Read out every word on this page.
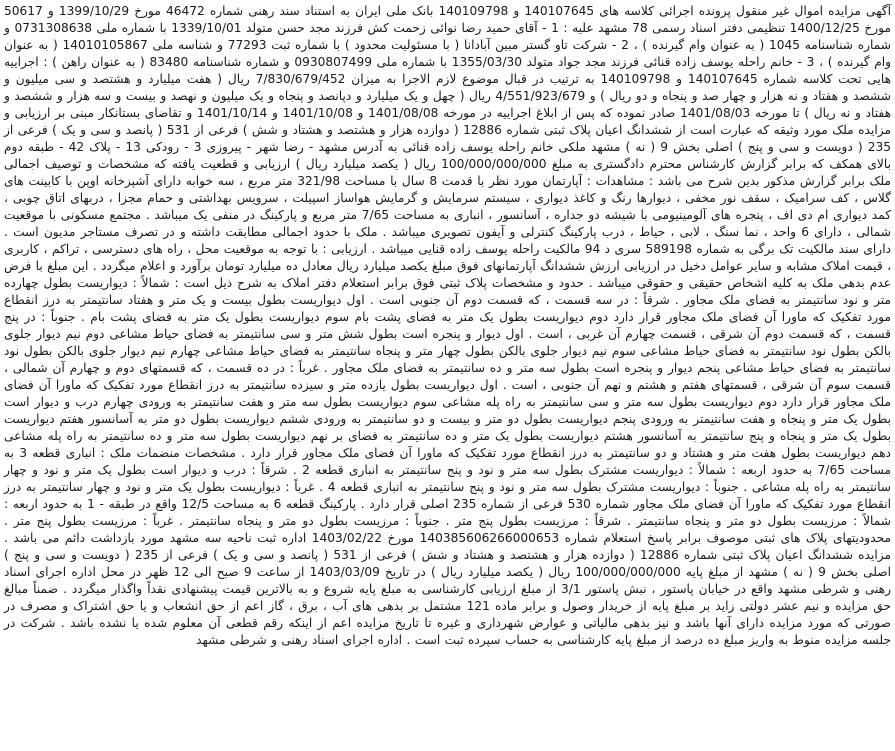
آگهی مزایده اموال غیر منقول پرونده اجرائی کلاسه های 140107645 و 140109798 بانک ملی ایران به استناد سند رهنی شماره 46472 مورخ 1399/10/29 و 50617 مورخ 1400/12/25 تنظیمی دفتر اسناد رسمی 78 مشهد علیه : 1 - آقای حمید رضا نوائی زحمت کش فرزند مجد حسن متولد 1339/10/01 با شماره ملی 0731308638 و شماره شناسنامه 1045 ( به عنوان وام گیرنده ) ، 2 - شرکت تاو گستر مبین آبادانا ( با مسئولیت محدود ) با شماره ثبت 77293 و شناسه ملی 14010105867 ( به عنوان وام گیرنده ) ، 3 - خانم راحله یوسف زاده قنائی فرزند مجد جواد متولد 1355/03/30 با شماره ملی 0930807499 و شماره شناسنامه 83480 ( به عنوان راهن ) : اجراییه هایی تحت کلاسه شماره 140107645 و 140109798 به ترتیب در قبال موضوع لازم الاجرا به میزان 7/830/679/452 ریال ( هفت میلیارد و هشتصد و سی میلیون و ششصد و هفتاد و نه هزار و چهار صد و پنجاه و دو ریال ) و 4/551/923/679 ریال ( چهل و یک میلیارد و دپانصد و پنجاه و یک میلیون و نهصد و بیست و سه هزار و ششصد و هفتاد و نه ریال ) تا مورخه 1401/08/03 صادر نموده که پس از ابلاغ اجراییه در مورخه 1401/08/08 و 1401/10/08 و 1401/10/14 و تقاضای بستانکار مبنی بر ارزیابی و مزایده ملک مورد وثیقه که عبارت است از ششدانگ اعیان پلاک ثبتی شماره 12886 ( دوازده هزار و هشتصد و هشتاد و شش ) فرعی از 531 ( پانصد و سی و یک ) فرعی از 235 ( دویست و سی و پنج ) اصلی بخش 9 ( نه ) مشهد ملکی خانم راحله یوسف زاده قنائی به آدرس مشهد - رضا شهر - پیروزی 3 - رودکی 13 - پلاک 42 - طبقه دوم بالای همکف که برابر گزارش کارشناس محترم دادگستری به مبلغ 100/000/000/000 ریال ( یکصد میلیارد ریال ) ارزیابی و قطعیت یافته که مشخصات و توصیف اجمالی ملک برابر گزارش مذکور بدین شرح می باشد : مشاهدات : آپارتمان مورد نظر با قدمت 8 سال با مساحت 321/98 متر مربع ، سه خوابه دارای آشپزخانه اوپن با کابینت های گلاس ، کف سرامیک ، سقف نور مخفی ، دیوارها رنگ و کاغذ دیواری ، سیستم سرمایش و گرمایش هواساز اسپیلت ، سرویس بهداشتی و حمام مجزا ، دربهای اتاق چوبی ، کمد دیواری ام دی اف ، پنجره های آلومینیومی با شیشه دو جداره ، آسانسور ، انباری به مساحت 7/65 متر مربع و پارکینگ در منفی یک میباشد . مجتمع مسکونی با موقعیت شمالی ، دارای 6 واحد ، نما سنگ ، لابی ، حیاط ، درب پارکینگ کنترلی و آیفون تصویری میباشد . ملک با حدود اجمالی مطابقت داشته و در تصرف مستاجر مدیون است . دارای سند مالکیت تک برگی به شماره 589198 سری د 94 مالکیت راحله یوسف زاده قنایی میباشد . ارزیابی : با توجه به موقعیت محل ، راه های دسترسی ، تراکم ، کاربری ، قیمت املاک مشابه و سایر عوامل دخیل در ارزیابی ارزش ششدانگ آپارتمانهای فوق مبلغ یکصد میلیارد ریال معادل ده میلیارد تومان برآورد و اعلام میگردد . این مبلغ با فرض عدم بدهی ملک به کلیه اشخاص حقیقی و حقوقی میباشد . حدود و مشخصات پلاک ثبتی فوق برابر استعلام دفتر املاک به شرح ذیل است : شمالاً : دیواریست بطول چهارده متر و نود سانتیمتر به فضای ملک مجاور . شرقاً : در سه قسمت ، که قسمت دوم آن جنوبی است . اول دیواریست بطول بیست و یک متر و هفتاد سانتیمتر به درز انقطاع مورد تفکیک که ماورا آن فضای ملک مجاور قرار دارد دوم دیواریست بطول یک متر به فضای پشت بام سوم دیواریست بطول یک متر به فضای پشت بام . جنوباً : در پنج قسمت ، که قسمت دوم آن شرقی ، قسمت چهارم آن غربی ، است . اول دیوار و پنجره است بطول شش متر و سی سانتیمتر به فضای حیاط مشاعی دوم نیم دیوار جلوی بالکن بطول نود سانتیمتر به فضای حیاط مشاعی سوم نیم دیوار جلوی بالکن بطول چهار متر و پنجاه سانتیمتر به فضای حیاط مشاعی چهارم نیم دیوار جلوی بالکن بطول نود سانتیمتر به فضای حیاط مشاعی پنجم دیوار و پنجره است بطول سه متر و ده سانتیمتر به فضای ملک مجاور . غرباً : در ده قسمت ، که قسمتهای دوم و چهارم آن شمالی ، قسمت سوم آن شرقی ، قسمتهای هفتم و هشتم و نهم آن جنوبی ، است . اول دیواریست بطول یازده متر و سیزده سانتیمتر به درز انقطاع مورد تفکیک که ماورا آن فضای ملک مجاور قرار دارد دوم دیواریست بطول سه متر و سی سانتیمتر به راه پله مشاعی سوم دیواریست بطول سه متر و هفت سانتیمتر به ورودی چهارم درب و دیوار است بطول یک متر و پنجاه و هفت سانتیمتر به ورودی پنجم دیواریست بطول دو متر و بیست و دو سانتیمتر به ورودی ششم دیواریست بطول دو متر به آسانسور هفتم دیواریست بطول یک متر و پنجاه و پنج سانتیمتر به آسانسور هشتم دیواریست بطول یک متر و ده سانتیمتر به فضای بر نهم دیواریست بطول سه متر و ده سانتیمتر به راه پله مشاعی دهم دیواریست بطول هفت متر و هشتاد و دو سانتیمتر به درز انقطاع مورد تفکیک که ماورا آن فضای ملک مجاور قرار دارد . مشخصات منضمات ملک : انباری قطعه 3 به مساحت 7/65 به حدود اربعه : شمالاً : دیواریست مشترک بطول سه متر و نود و پنج سانتیمتر به انباری قطعه 2 . شرقاً : درب و دیوار است بطول یک متر و نود و چهار سانتیمتر به راه پله مشاعی . جنوباً : دیواریست مشترک بطول سه متر و نود و پنج سانتیمتر به انباری قطعه 4 . غرباً : دیواریست بطول یک متر و نود و چهار سانتیمتر به درز انقطاع مورد تفکیک که ماورا آن فضای ملک مجاور شماره 530 فرعی از شماره 235 اصلی قرار دارد . پارکینگ قطعه 6 به مساحت 12/5 واقع در طبقه - 1 به حدود اربعه : شمالاً : مرزیست بطول دو متر و پنجاه سانتیمتر . شرقاً : مرزیست بطول پنج متر . جنوباً : مرزیست بطول دو متر و پنجاه سانتیمتر . غرباً : مرزیست بطول پنج متر . محدودیتهای پلاک های ثبتی موصوف برابر پاسخ استعلام شماره 140385606266000653 مورخ 1403/02/22 اداره ثبت ناحیه سه مشهد مورد بازداشت دائم می باشد . مزایده ششدانگ اعیان پلاک ثبتی شماره 12886 ( دوازده هزار و هشتصد و هشتاد و شش ) فرعی از 531 ( پانصد و سی و یک ) فرعی از 235 ( دویست و سی و پنج ) اصلی بخش 9 ( نه ) مشهد از مبلغ پایه 100/000/000/000 ریال ( یکصد میلیارد ریال ) در تاریخ 1403/03/09 از ساعت 9 صبح الی 12 ظهر در محل اداره اجرای اسناد رهنی و شرطی مشهد واقع در خیابان پاستور ، نبش پاستور 3/1 از مبلغ ارزیابی کارشناسی به مبلغ پایه شروع و به بالاترین قیمت پیشنهادی نقداً واگذار میگردد . ضمناً مبالغ حق مزایده و نیم عشر دولتی زاید بر مبلغ پایه از خریدار وصول و برابر ماده 121 مشتمل بر بدهی های آب ، برق ، گاز اعم از حق انشعاب و یا حق اشتراک و مصرف در صورتی که مورد مزایده دارای آنها باشد و نیز بدهی مالیاتی و عوارض شهرداری و غیره تا تاریخ مزایده اعم از اینکه رقم قطعی آن معلوم شده یا نشده باشد . شرکت در جلسه مزایده منوط به واریز مبلغ ده درصد از مبلغ پایه کارشناسی به حساب سپرده ثبت است . اداره اجرای اسناد رهنی و شرطی مشهد
